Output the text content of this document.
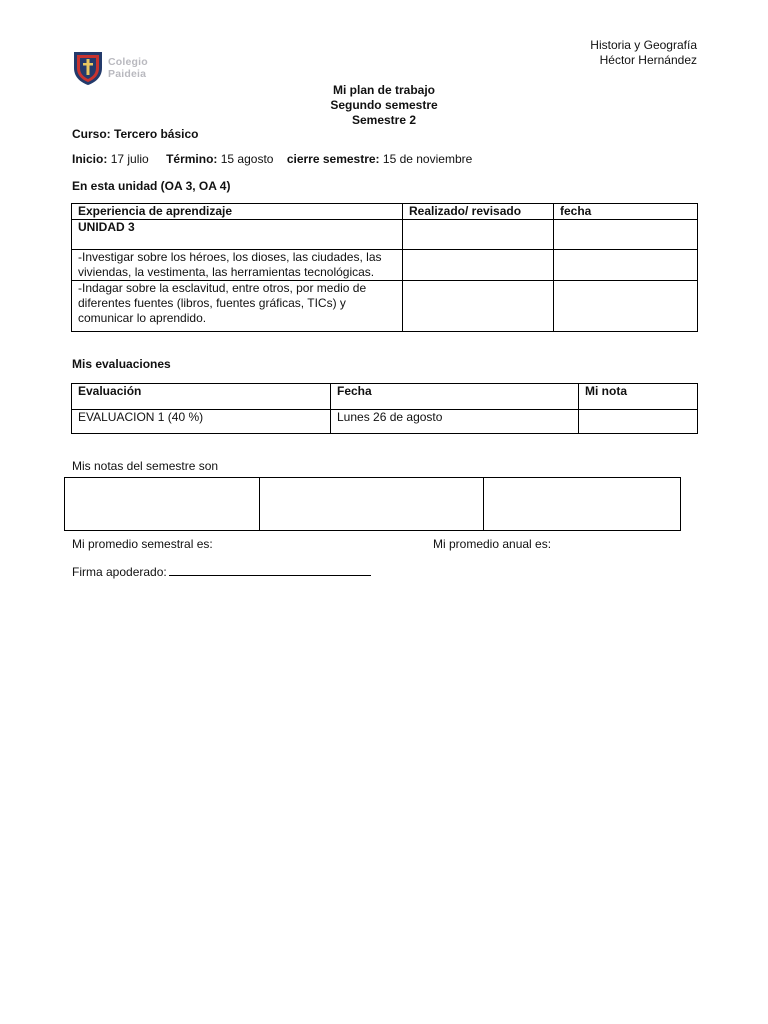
Colegio
Paideia
Historia y Geografía
Héctor Hernández
Mi plan de trabajo
Segundo semestre
Semestre 2
Curso: Tercero básico
Inicio: 17 julio Término: 15 agosto cierre semestre: 15 de noviembre
En esta unidad (OA 3, OA 4)
Experiencia de aprendizaje	Realizado/ revisado	fecha
UNIDAD 3		
-Investigar sobre los héroes, los dioses, las ciudades, las viviendas, la vestimenta, las herramientas tecnológicas.		
-Indagar sobre la esclavitud, entre otros, por medio de diferentes fuentes (libros, fuentes gráficas, TICs) y comunicar lo aprendido.		
Mis evaluaciones
Evaluación	Fecha	Mi nota
EVALUACION 1 (40 %)	Lunes 26 de agosto	
Mis notas del semestre son

Mi promedio semestral es:	Mi promedio anual es:
Firma apoderado:
